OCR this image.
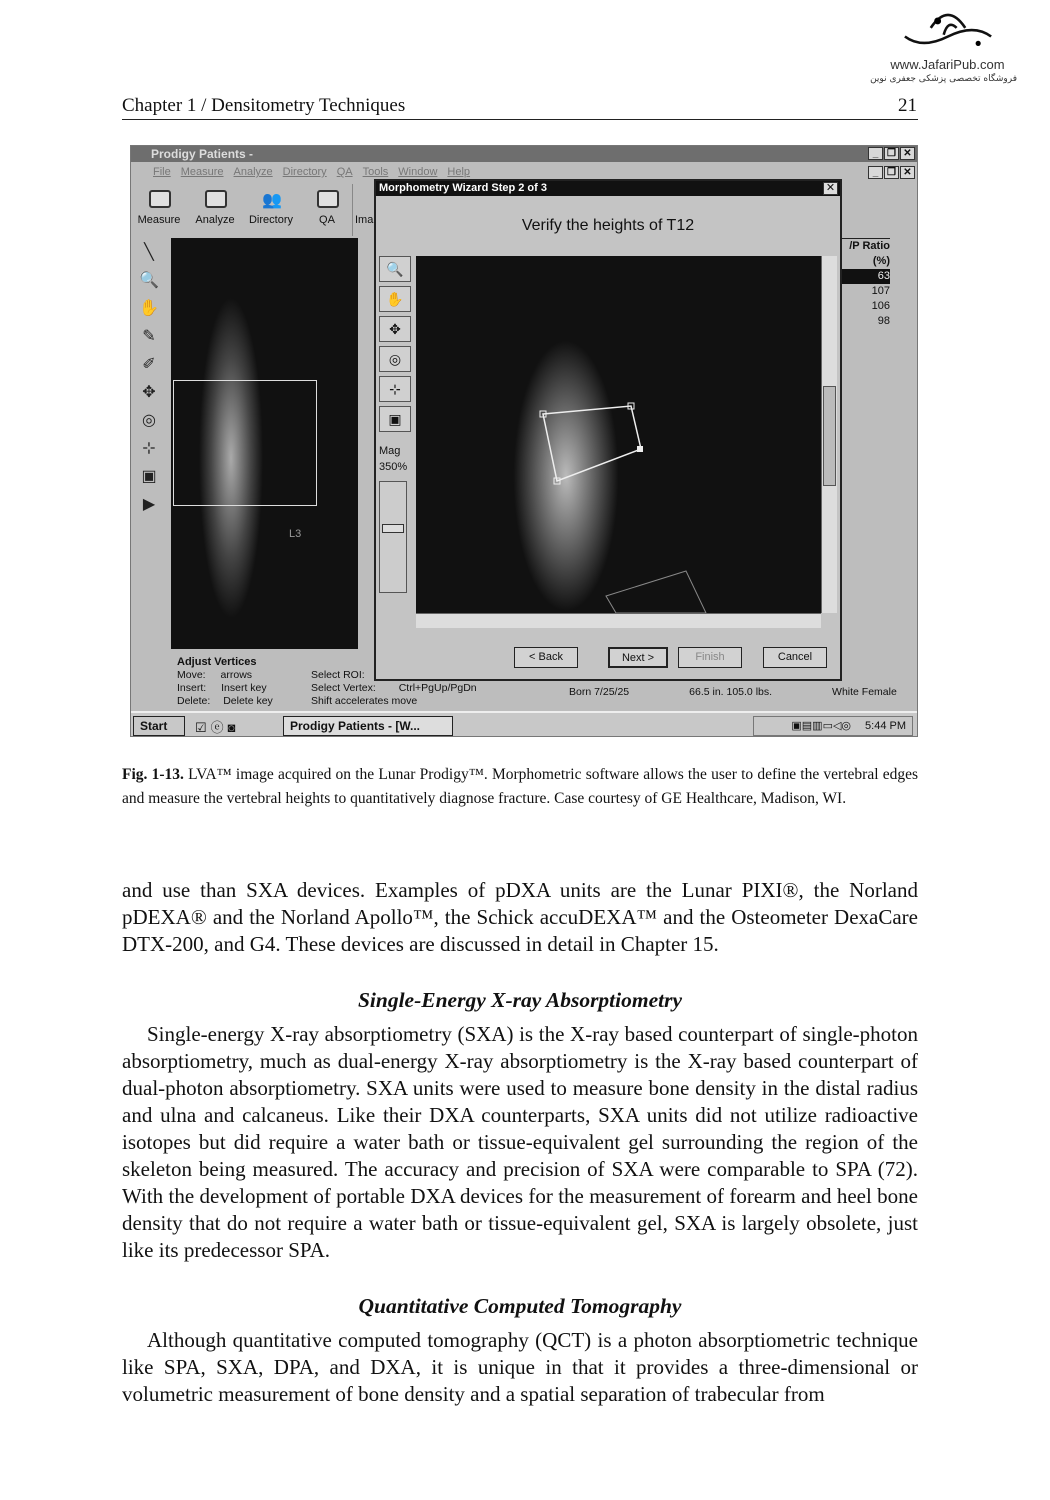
Chapter 1 / Densitometry Techniques	21
www.JafariPub.com
فروشگاه تخصصی پزشکی جعفری نوین
Prodigy Patients -	_ ❐ ✕
File Measure Analyze Directory QA Tools Window Help	_ ❐ ✕
Measure	Analyze
👥
Directory	QA	Ima
╲
🔍
✋
✎
✐
✥
◎
⊹
▣
▶
L3
Adjust Vertices
Move: arrows
Insert: Insert key
Delete: Delete key
Select ROI:
Select Vertex: Ctrl+PgUp/PgDn
Shift accelerates move
/P Ratio
(%)
63
107
106
98
Born 7/25/25	66.5 in. 105.0 lbs.	White Female
Morphometry Wizard Step 2 of 3	✕
Verify the heights of T12
🔍
✋
✥
◎
⊹
▣
Mag
350%
< Back	Next >	Finish	Cancel
Start	☑ⓔ◙	Prodigy Patients - [W...	▣▤▥▭◁◎ 5:44 PM
Fig. 1-13. LVA™ image acquired on the Lunar Prodigy™. Morphometric software allows the user to define the vertebral edges and measure the vertebral heights to quantitatively diagnose fracture. Case courtesy of GE Healthcare, Madison, WI.
and use than SXA devices. Examples of pDXA units are the Lunar PIXI®, the Norland pDEXA® and the Norland Apollo™, the Schick accuDEXA™ and the Osteometer DexaCare DTX-200, and G4. These devices are discussed in detail in Chapter 15.
Single-Energy X-ray Absorptiometry

Single-energy X-ray absorptiometry (SXA) is the X-ray based counterpart of single-photon absorptiometry, much as dual-energy X-ray absorptiometry is the X-ray based counterpart of dual-photon absorptiometry. SXA units were used to measure bone density in the distal radius and ulna and calcaneus. Like their DXA counterparts, SXA units did not utilize radioactive isotopes but did require a water bath or tissue-equivalent gel surrounding the region of the skeleton being measured. The accuracy and precision of SXA were comparable to SPA (72). With the development of portable DXA devices for the measurement of forearm and heel bone density that do not require a water bath or tissue-equivalent gel, SXA is largely obsolete, just like its predecessor SPA.

Quantitative Computed Tomography

Although quantitative computed tomography (QCT) is a photon absorptiometric technique like SPA, SXA, DPA, and DXA, it is unique in that it provides a three-dimensional or volumetric measurement of bone density and a spatial separation of trabecular from
